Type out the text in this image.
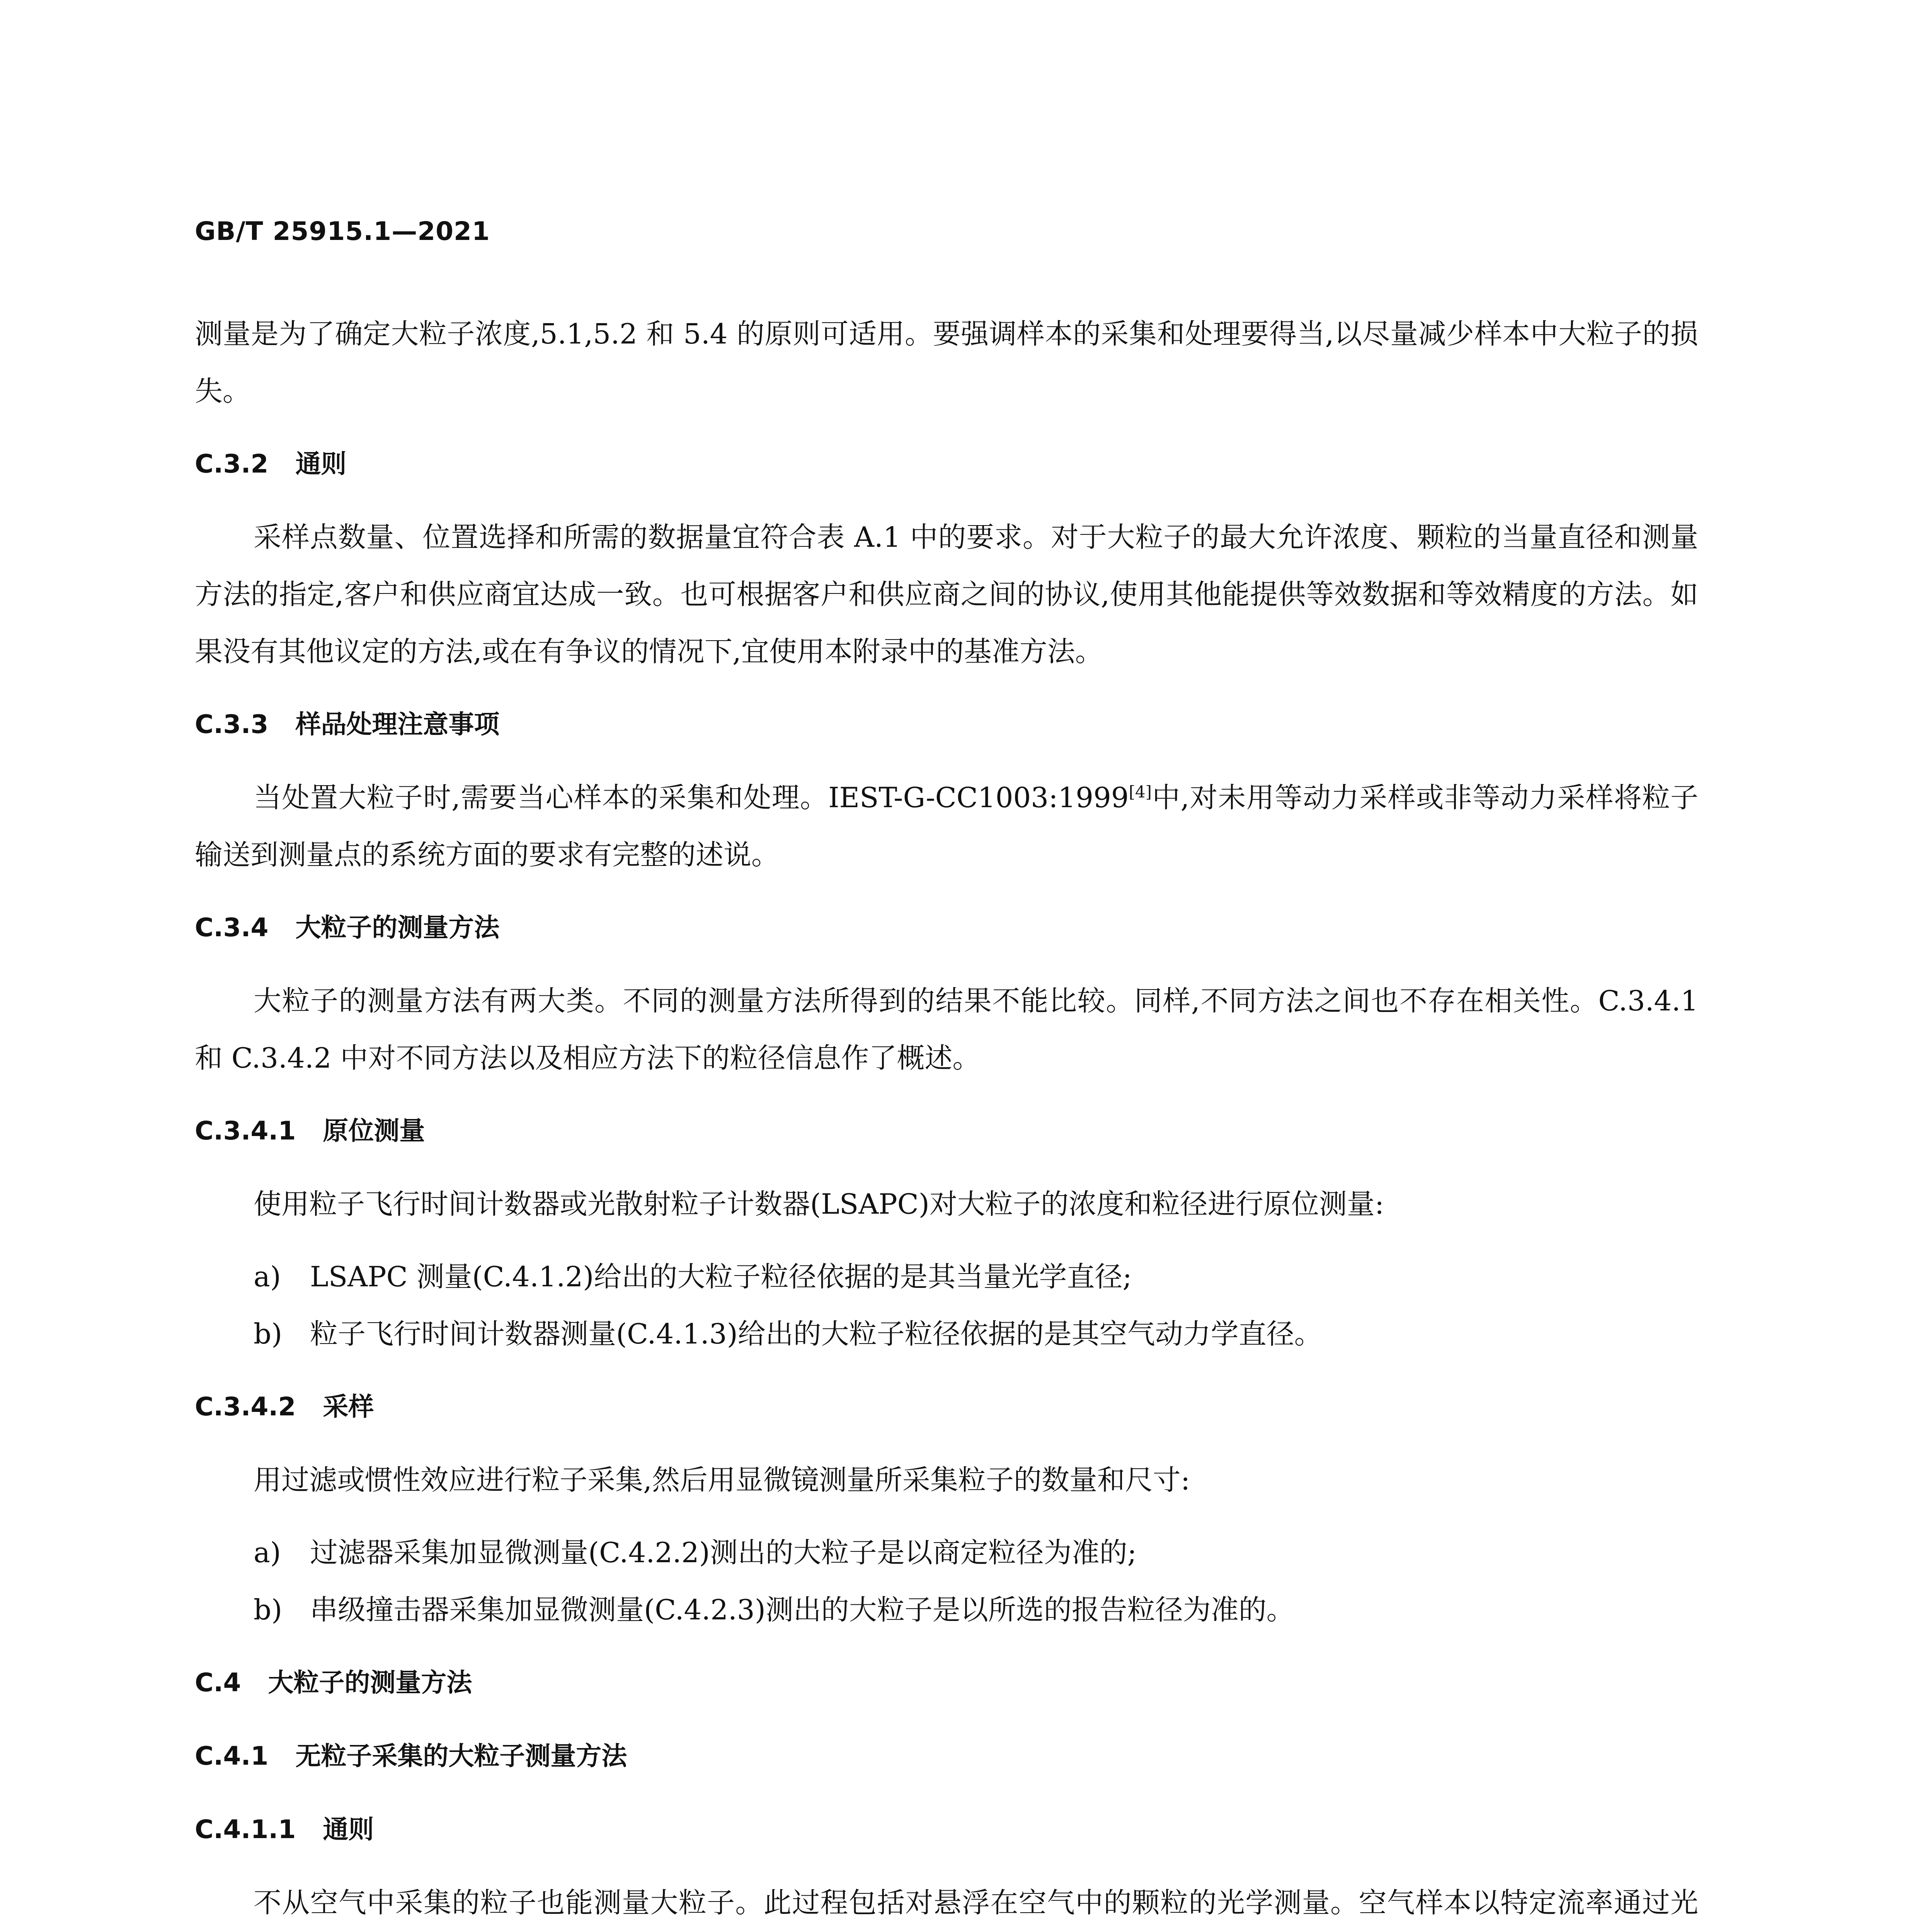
GB/T 25915.1—2021

测量是为了确定大粒子浓度,5.1,5.2 和 5.4 的原则可适用。要强调样本的采集和处理要得当,以尽量减少样本中大粒子的损失。

C.3.2 通则

采样点数量、位置选择和所需的数据量宜符合表 A.1 中的要求。对于大粒子的最大允许浓度、颗粒的当量直径和测量方法的指定,客户和供应商宜达成一致。也可根据客户和供应商之间的协议,使用其他能提供等效数据和等效精度的方法。如果没有其他议定的方法,或在有争议的情况下,宜使用本附录中的基准方法。

C.3.3 样品处理注意事项

当处置大粒子时,需要当心样本的采集和处理。IEST-G-CC1003:1999[4]中,对未用等动力采样或非等动力采样将粒子输送到测量点的系统方面的要求有完整的述说。

C.3.4 大粒子的测量方法

大粒子的测量方法有两大类。不同的测量方法所得到的结果不能比较。同样,不同方法之间也不存在相关性。C.3.4.1 和 C.3.4.2 中对不同方法以及相应方法下的粒径信息作了概述。

C.3.4.1 原位测量

使用粒子飞行时间计数器或光散射粒子计数器(LSAPC)对大粒子的浓度和粒径进行原位测量:

a) LSAPC 测量(C.4.1.2)给出的大粒子粒径依据的是其当量光学直径;
b) 粒子飞行时间计数器测量(C.4.1.3)给出的大粒子粒径依据的是其空气动力学直径。
C.3.4.2 采样

用过滤或惯性效应进行粒子采集,然后用显微镜测量所采集粒子的数量和尺寸:

a) 过滤器采集加显微测量(C.4.2.2)测出的大粒子是以商定粒径为准的;
b) 串级撞击器采集加显微测量(C.4.2.3)测出的大粒子是以所选的报告粒径为准的。
C.4 大粒子的测量方法
C.4.1 无粒子采集的大粒子测量方法
C.4.1.1 通则

不从空气中采集的粒子也能测量大粒子。此过程包括对悬浮在空气中的颗粒的光学测量。空气样本以特定流率通过光
